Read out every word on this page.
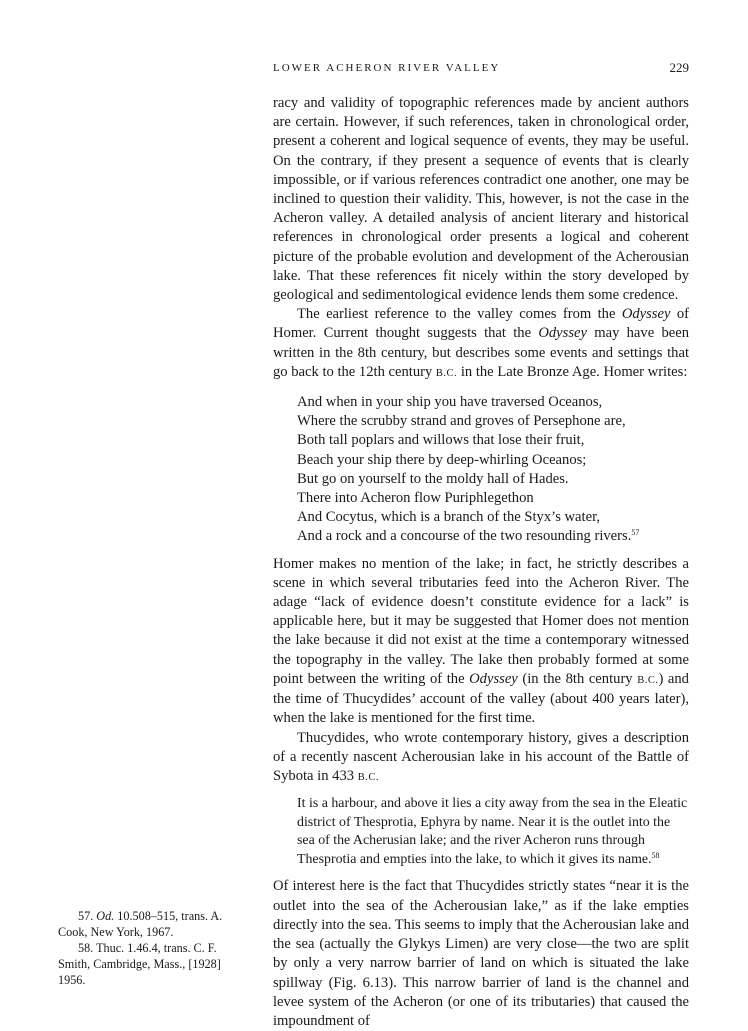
LOWER ACHERON RIVER VALLEY	229

racy and validity of topographic references made by ancient authors are certain. However, if such references, taken in chronological order, present a coherent and logical sequence of events, they may be useful. On the contrary, if they present a sequence of events that is clearly impossible, or if various references contradict one another, one may be inclined to question their validity. This, however, is not the case in the Acheron valley. A detailed analysis of ancient literary and historical references in chronological order presents a logical and coherent picture of the probable evolution and development of the Acherousian lake. That these references fit nicely within the story developed by geological and sedimentological evidence lends them some credence.

The earliest reference to the valley comes from the Odyssey of Homer. Current thought suggests that the Odyssey may have been written in the 8th century, but describes some events and settings that go back to the 12th century B.C. in the Late Bronze Age. Homer writes:

And when in your ship you have traversed Oceanos,
Where the scrubby strand and groves of Persephone are,
Both tall poplars and willows that lose their fruit,
Beach your ship there by deep-whirling Oceanos;
But go on yourself to the moldy hall of Hades.
There into Acheron flow Puriphlegethon
And Cocytus, which is a branch of the Styx’s water,
And a rock and a concourse of the two resounding rivers.$^{57}$

Homer makes no mention of the lake; in fact, he strictly describes a scene in which several tributaries feed into the Acheron River. The adage “lack of evidence doesn’t constitute evidence for a lack” is applicable here, but it may be suggested that Homer does not mention the lake because it did not exist at the time a contemporary witnessed the topography in the valley. The lake then probably formed at some point between the writing of the Odyssey (in the 8th century B.C.) and the time of Thucydides’ account of the valley (about 400 years later), when the lake is mentioned for the first time.

Thucydides, who wrote contemporary history, gives a description of a recently nascent Acherousian lake in his account of the Battle of Sybota in 433 B.C.

It is a harbour, and above it lies a city away from the sea in the Eleatic district of Thesprotia, Ephyra by name. Near it is the outlet into the sea of the Acherusian lake; and the river Acheron runs through Thesprotia and empties into the lake, to which it gives its name.$^{58}$

Of interest here is the fact that Thucydides strictly states “near it is the outlet into the sea of the Acherousian lake,” as if the lake empties directly into the sea. This seems to imply that the Acherousian lake and the sea (actually the Glykys Limen) are very close—the two are split by only a very narrow barrier of land on which is situated the lake spillway (Fig. 6.13). This narrow barrier of land is the channel and levee system of the Acheron (or one of its tributaries) that caused the impoundment of

57. Od. 10.508–515, trans. A. Cook, New York, 1967.

58. Thuc. 1.46.4, trans. C. F. Smith, Cambridge, Mass., [1928] 1956.
